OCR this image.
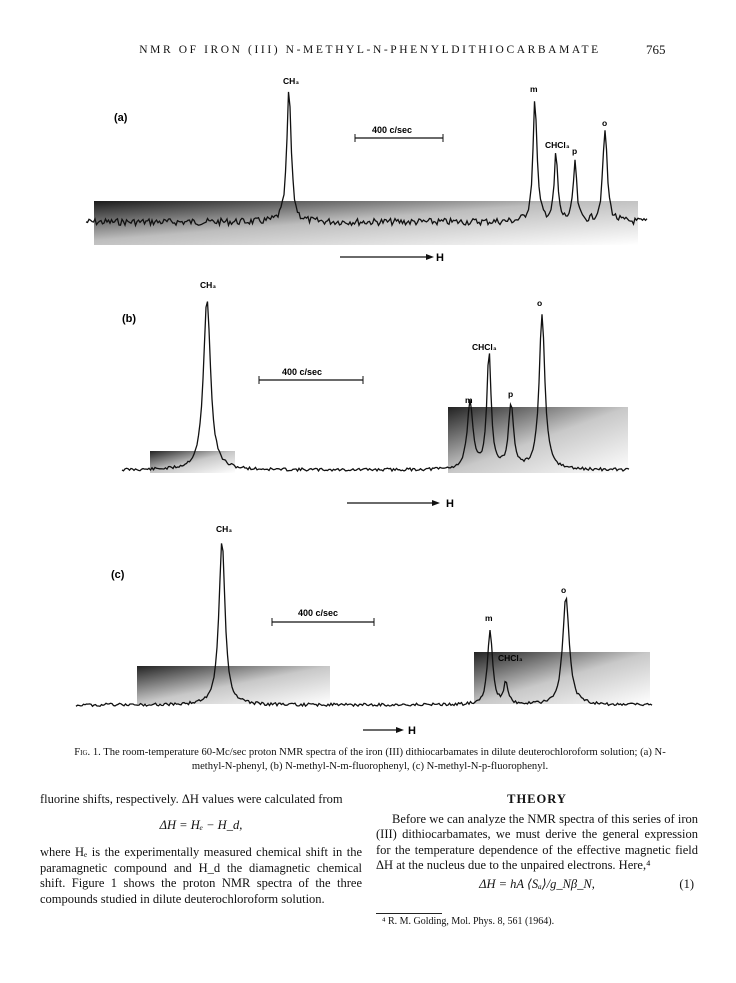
NMR OF IRON (III) N-METHYL-N-PHENYLDITHIOCARBAMATE	765
(a)
400 c/sec
CH₃
m
CHCl₃
p
o
H
(b)
400 c/sec
CH₃
m
CHCl₃
p
o
H
(c)
400 c/sec
CH₃
m
CHCl₃
o
H
Fig. 1. The room-temperature 60-Mc/sec proton NMR spectra of the iron (III) dithiocarbamates in dilute deuterochloroform solution; (a) N-methyl-N-phenyl, (b) N-methyl-N-m-fluorophenyl, (c) N-methyl-N-p-fluorophenyl.
fluorine shifts, respectively. ΔH values were calculated from
ΔH = Hₑ − H_d,
where Hₑ is the experimentally measured chemical shift in the paramagnetic compound and H_d the diamagnetic chemical shift. Figure 1 shows the proton NMR spectra of the three compounds studied in dilute deuterochloroform solution.
THEORY
Before we can analyze the NMR spectra of this series of iron (III) dithiocarbamates, we must derive the general expression for the temperature dependence of the effective magnetic field ΔH at the nucleus due to the unpaired electrons. Here,⁴
ΔH = hA ⟨Sₐ⟩/g_Nβ_N,	(1)
⁴ R. M. Golding, Mol. Phys. 8, 561 (1964).
